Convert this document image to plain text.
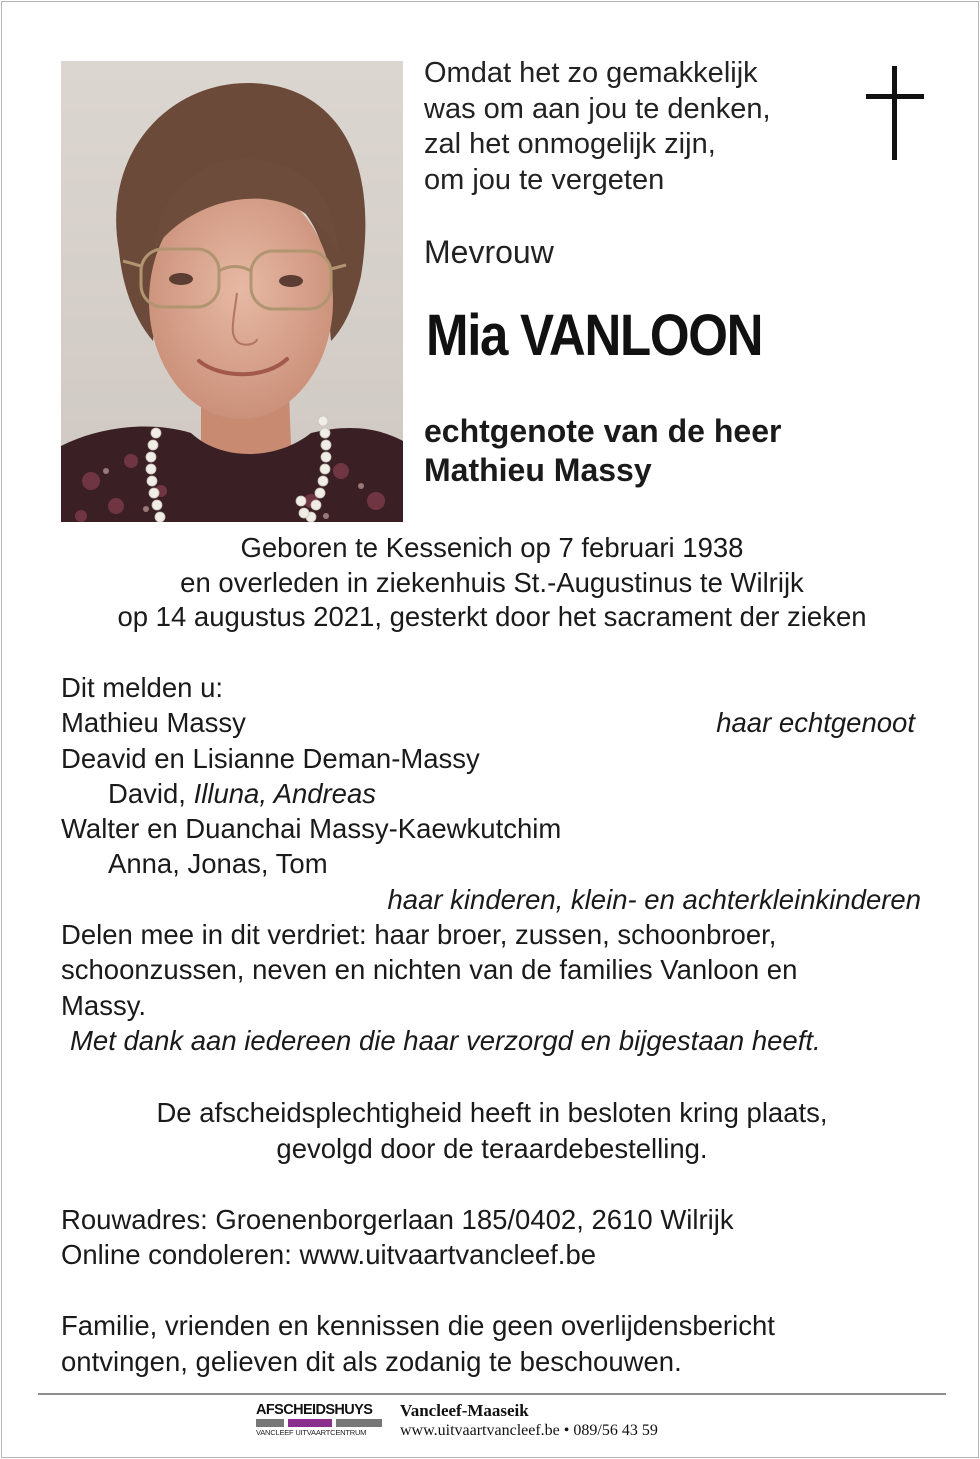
Omdat het zo gemakkelijk
was om aan jou te denken,
zal het onmogelijk zijn,
om jou te vergeten
Mevrouw
Mia VANLOON
echtgenote van de heer
Mathieu Massy
Geboren te Kessenich op 7 februari 1938
en overleden in ziekenhuis St.-Augustinus te Wilrijk
op 14 augustus 2021, gesterkt door het sacrament der zieken
Dit melden u:
Mathieu Massy	haar echtgenoot
Deavid en Lisianne Deman-Massy
David, Illuna, Andreas
Walter en Duanchai Massy-Kaewkutchim
Anna, Jonas, Tom
haar kinderen, klein- en achterkleinkinderen
Delen mee in dit verdriet: haar broer, zussen, schoonbroer,
schoonzussen, neven en nichten van de families Vanloon en
Massy.
Met dank aan iedereen die haar verzorgd en bijgestaan heeft.
De afscheidsplechtigheid heeft in besloten kring plaats,
gevolgd door de teraardebestelling.
Rouwadres: Groenenborgerlaan 185/0402, 2610 Wilrijk
Online condoleren: www.uitvaartvancleef.be
Familie, vrienden en kennissen die geen overlijdensbericht
ontvingen, gelieven dit als zodanig te beschouwen.
AFSCHEIDSHUYS
VANCLEEF UITVAARTCENTRUM
Vancleef-Maaseik
www.uitvaartvancleef.be • 089/56 43 59
